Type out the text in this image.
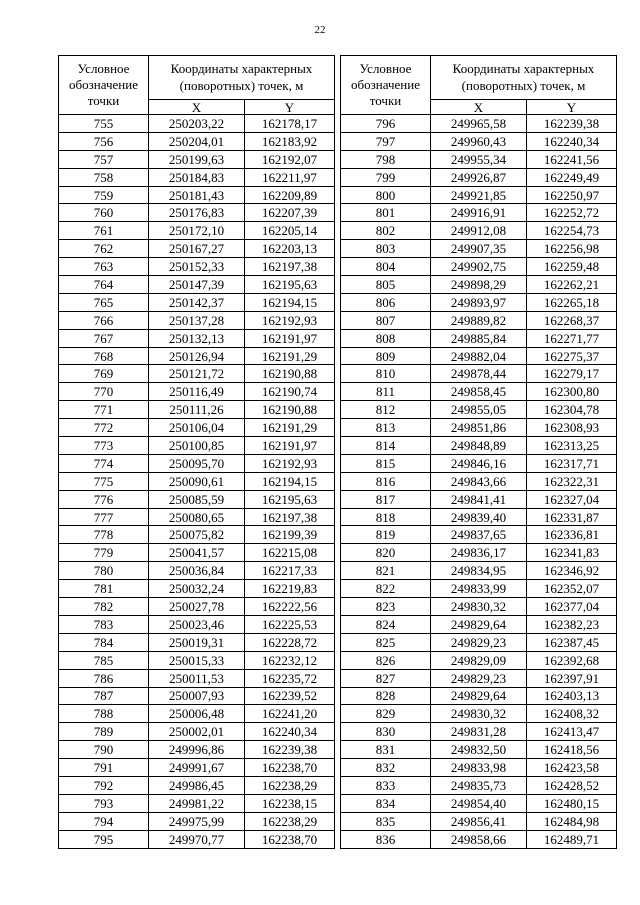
22
Условное обозначение точки	Координаты характерных (поворотных) точек, м	
	X	Y
755	250203,22	162178,17
756	250204,01	162183,92
757	250199,63	162192,07
758	250184,83	162211,97
759	250181,43	162209,89
760	250176,83	162207,39
761	250172,10	162205,14
762	250167,27	162203,13
763	250152,33	162197,38
764	250147,39	162195,63
765	250142,37	162194,15
766	250137,28	162192,93
767	250132,13	162191,97
768	250126,94	162191,29
769	250121,72	162190,88
770	250116,49	162190,74
771	250111,26	162190,88
772	250106,04	162191,29
773	250100,85	162191,97
774	250095,70	162192,93
775	250090,61	162194,15
776	250085,59	162195,63
777	250080,65	162197,38
778	250075,82	162199,39
779	250041,57	162215,08
780	250036,84	162217,33
781	250032,24	162219,83
782	250027,78	162222,56
783	250023,46	162225,53
784	250019,31	162228,72
785	250015,33	162232,12
786	250011,53	162235,72
787	250007,93	162239,52
788	250006,48	162241,20
789	250002,01	162240,34
790	249996,86	162239,38
791	249991,67	162238,70
792	249986,45	162238,29
793	249981,22	162238,15
794	249975,99	162238,29
795	249970,77	162238,70
Условное обозначение точки	Координаты характерных (поворотных) точек, м	
	X	Y
796	249965,58	162239,38
797	249960,43	162240,34
798	249955,34	162241,56
799	249926,87	162249,49
800	249921,85	162250,97
801	249916,91	162252,72
802	249912,08	162254,73
803	249907,35	162256,98
804	249902,75	162259,48
805	249898,29	162262,21
806	249893,97	162265,18
807	249889,82	162268,37
808	249885,84	162271,77
809	249882,04	162275,37
810	249878,44	162279,17
811	249858,45	162300,80
812	249855,05	162304,78
813	249851,86	162308,93
814	249848,89	162313,25
815	249846,16	162317,71
816	249843,66	162322,31
817	249841,41	162327,04
818	249839,40	162331,87
819	249837,65	162336,81
820	249836,17	162341,83
821	249834,95	162346,92
822	249833,99	162352,07
823	249830,32	162377,04
824	249829,64	162382,23
825	249829,23	162387,45
826	249829,09	162392,68
827	249829,23	162397,91
828	249829,64	162403,13
829	249830,32	162408,32
830	249831,28	162413,47
831	249832,50	162418,56
832	249833,98	162423,58
833	249835,73	162428,52
834	249854,40	162480,15
835	249856,41	162484,98
836	249858,66	162489,71
